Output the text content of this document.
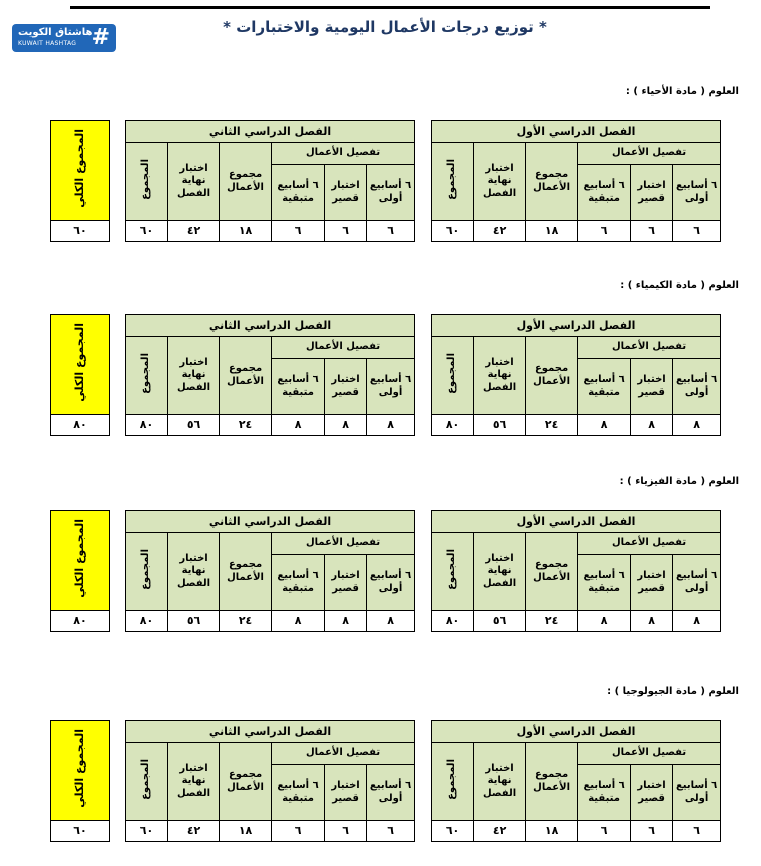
* توزيع درجات الأعمال اليومية والاختبارات *
#
هاشتاق الكويت
KUWAIT HASHTAG
العلوم ( مادة الأحياء ) :
الفصل الدراسي الأول					
تفصيل الأعمال			مجموع الأعمال	اختبار نهاية الفصل	المجموع
٦ أسابيع أولى	اختبار قصير	٦ أسابيع متبقية			
٦	٦	٦	١٨	٤٢	٦٠
الفصل الدراسي الثاني					
تفصيل الأعمال			مجموع الأعمال	اختبار نهاية الفصل	المجموع
٦ أسابيع أولى	اختبار قصير	٦ أسابيع متبقية			
٦	٦	٦	١٨	٤٢	٦٠
المجموع الكلي
٦٠
العلوم ( مادة الكيمياء ) :
الفصل الدراسي الأول					
تفصيل الأعمال			مجموع الأعمال	اختبار نهاية الفصل	المجموع
٦ أسابيع أولى	اختبار قصير	٦ أسابيع متبقية			
٨	٨	٨	٢٤	٥٦	٨٠
الفصل الدراسي الثاني					
تفصيل الأعمال			مجموع الأعمال	اختبار نهاية الفصل	المجموع
٦ أسابيع أولى	اختبار قصير	٦ أسابيع متبقية			
٨	٨	٨	٢٤	٥٦	٨٠
المجموع الكلي
٨٠
العلوم ( مادة الفيزياء ) :
الفصل الدراسي الأول					
تفصيل الأعمال			مجموع الأعمال	اختبار نهاية الفصل	المجموع
٦ أسابيع أولى	اختبار قصير	٦ أسابيع متبقية			
٨	٨	٨	٢٤	٥٦	٨٠
الفصل الدراسي الثاني					
تفصيل الأعمال			مجموع الأعمال	اختبار نهاية الفصل	المجموع
٦ أسابيع أولى	اختبار قصير	٦ أسابيع متبقية			
٨	٨	٨	٢٤	٥٦	٨٠
المجموع الكلي
٨٠
العلوم ( مادة الجيولوجيا ) :
الفصل الدراسي الأول					
تفصيل الأعمال			مجموع الأعمال	اختبار نهاية الفصل	المجموع
٦ أسابيع أولى	اختبار قصير	٦ أسابيع متبقية			
٦	٦	٦	١٨	٤٢	٦٠
الفصل الدراسي الثاني					
تفصيل الأعمال			مجموع الأعمال	اختبار نهاية الفصل	المجموع
٦ أسابيع أولى	اختبار قصير	٦ أسابيع متبقية			
٦	٦	٦	١٨	٤٢	٦٠
المجموع الكلي
٦٠
